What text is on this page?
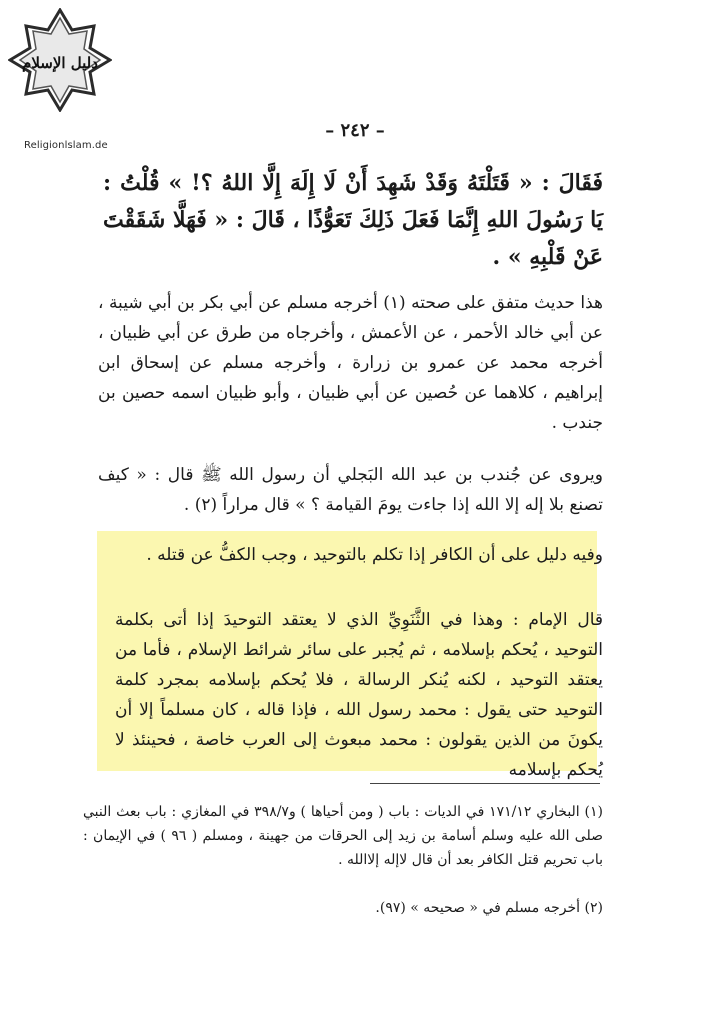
دليل الإسلام
Religionlslam.de
– ٢٤٢ –
فَقَالَ : « قَتَلْتَهُ وَقَدْ شَهِدَ أَنْ لَا إِلَهَ إِلَّا اللهُ ؟! » قُلْتُ : يَا رَسُولَ اللهِ إِنَّمَا فَعَلَ ذَلِكَ تَعَوُّذًا ، قَالَ : « فَهَلَّا شَقَقْتَ عَنْ قَلْبِهِ » .
هذا حديث متفق على صحته (١) أخرجه مسلم عن أبي بكر بن أبي شيبة ، عن أبي خالد الأحمر ، عن الأعمش ، وأخرجاه من طرق عن أبي ظبيان ، أخرجه محمد عن عمرو بن زرارة ، وأخرجه مسلم عن إسحاق ابن إبراهيم ، كلاهما عن حُصين عن أبي ظبيان ، وأبو ظبيان اسمه حصين بن جندب .
ويروى عن جُندب بن عبد الله البَجلي أن رسول الله ﷺ قال : « كيف تصنع بلا إله إلا الله إذا جاءت يومَ القيامة ؟ » قال مراراً (٢) .
وفيه دليل على أن الكافر إذا تكلم بالتوحيد ، وجب الكفُّ عن قتله .
قال الإمام : وهذا في الثَّنَوِيِّ الذي لا يعتقد التوحيدَ إذا أتى بكلمة التوحيد ، يُحكم بإسلامه ، ثم يُجبر على سائر شرائط الإسلام ، فأما من يعتقد التوحيد ، لكنه يُنكر الرسالة ، فلا يُحكم بإسلامه بمجرد كلمة التوحيد حتى يقول : محمد رسول الله ، فإذا قاله ، كان مسلماً إلا أن يكونَ من الذين يقولون : محمد مبعوث إلى العرب خاصة ، فحينئذ لا يُحكم بإسلامه
(١) البخاري ١٧١/١٢ في الديات : باب ( ومن أحياها ) و٣٩٨/٧ في المغازي : باب بعث النبي صلى الله عليه وسلم أسامة بن زيد إلى الحرقات من جهينة ، ومسلم ( ٩٦ ) في الإيمان : باب تحريم قتل الكافر بعد أن قال لاإله إلاالله .
(٢) أخرجه مسلم في « صحيحه » (٩٧).
